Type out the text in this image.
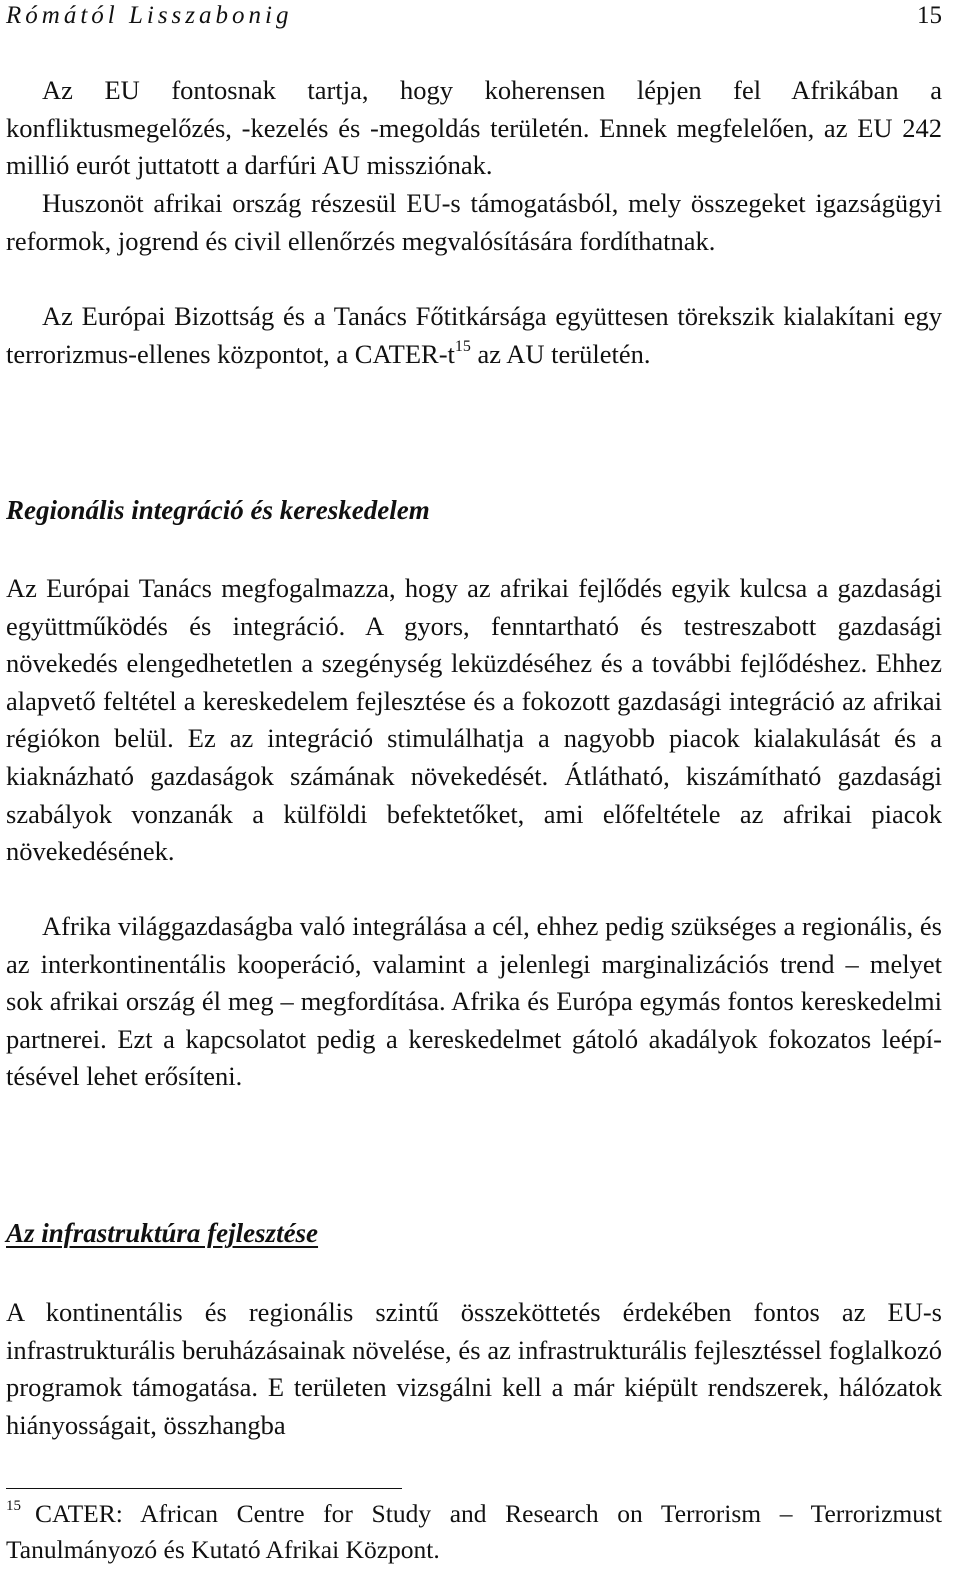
Rómától Lisszabonig	15

Az EU fontosnak tartja, hogy koherensen lépjen fel Afrikában a konfliktusmegelőzés, -kezelés és -megoldás területén. Ennek megfelelően, az EU 242 millió eurót juttatott a darfúri AU missziónak.

Huszonöt afrikai ország részesül EU-s támogatásból, mely összegeket igazságügyi reformok, jogrend és civil ellenőrzés megvalósítására fordíthatnak.

Az Európai Bizottság és a Tanács Főtitkársága együttesen törekszik kialakítani egy terrorizmus-ellenes központot, a CATER-$t^{15}$ az AU területén.

Regionális integráció és kereskedelem

Az Európai Tanács megfogalmazza, hogy az afrikai fejlődés egyik kulcsa a gazdasági együttműködés és integráció. A gyors, fenntartható és testreszabott gazdasági növekedés elengedhetetlen a szegénység leküzdéséhez és a további fejlődéshez. Ehhez alapvető feltétel a kereskedelem fejlesztése és a fokozott gazdasági integráció az afrikai régiókon belül. Ez az integráció stimulálhatja a nagyobb piacok kialakulását és a kiaknázható gazdaságok számának növekedését. Átlátható, kiszámítható gazdasági szabályok vonzanák a külföldi befektetőket, ami előfeltétele az afrikai piacok növekedésének.

Afrika világgazdaságba való integrálása a cél, ehhez pedig szükséges a regionális, és az interkontinentális kooperáció, valamint a jelenlegi marginalizációs trend – melyet sok afrikai ország él meg – megfordítása. Afrika és Európa egymás fontos kereskedelmi partnerei. Ezt a kapcsolatot pedig a kereskedelmet gátoló akadályok fokozatos leépítésével lehet erősíteni.

Az infrastruktúra fejlesztése

A kontinentális és regionális szintű összeköttetés érdekében fontos az EU-s infrastrukturális beruházásainak növelése, és az infrastrukturális fejlesztéssel foglalkozó programok támogatása. E területen vizsgálni kell a már kiépült rendszerek, hálózatok hiányosságait, összhangba

$^{15}$ CATER: African Centre for Study and Research on Terrorism – Terrorizmust Tanulmányozó és Kutató Afrikai Központ.
